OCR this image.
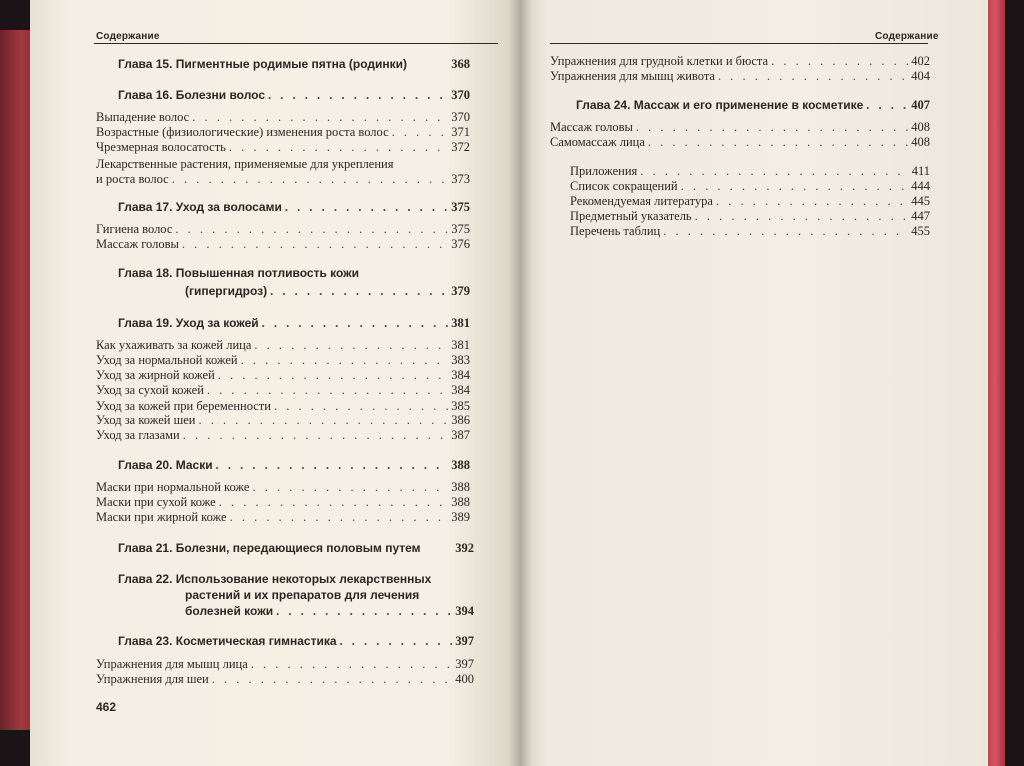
Содержание
Глава 15. Пигментные родимые пятна (родинки)	368
Глава 16. Болезни волос . . .	370
Выпадение волос . . .	370
Возрастные (физиологические) изменения роста волос . . .	371
Чрезмерная волосатость . . .	372
Лекарственные растения, применяемые для укрепления
и роста волос . . .	373
Глава 17. Уход за волосами . . .	375
Гигиена волос . . .	375
Массаж головы . . .	376
Глава 18. Повышенная потливость кожи
(гипергидроз) . . .	379
Глава 19. Уход за кожей . . .	381
Как ухаживать за кожей лица . . .	381
Уход за нормальной кожей . . .	383
Уход за жирной кожей . . .	384
Уход за сухой кожей . . .	384
Уход за кожей при беременности . . .	385
Уход за кожей шеи . . .	386
Уход за глазами . . .	387
Глава 20. Маски . . .	388
Маски при нормальной коже . . .	388
Маски при сухой коже . . .	388
Маски при жирной коже . . .	389
Глава 21. Болезни, передающиеся половым путем	392
Глава 22. Использование некоторых лекарственных
растений и их препаратов для лечения
болезней кожи . . .	394
Глава 23. Косметическая гимнастика . . .	397
Упражнения для мышц лица . . .	397
Упражнения для шеи . . .	400
462
Содержание
Упражнения для грудной клетки и бюста . . .	402
Упражнения для мышц живота . . .	404
Глава 24. Массаж и его применение в косметике . . .	407
Массаж головы . . .	408
Самомассаж лица . . .	408
Приложения . . .	411
Список сокращений . . .	444
Рекомендуемая литература . . .	445
Предметный указатель . . .	447
Перечень таблиц . . .	455
